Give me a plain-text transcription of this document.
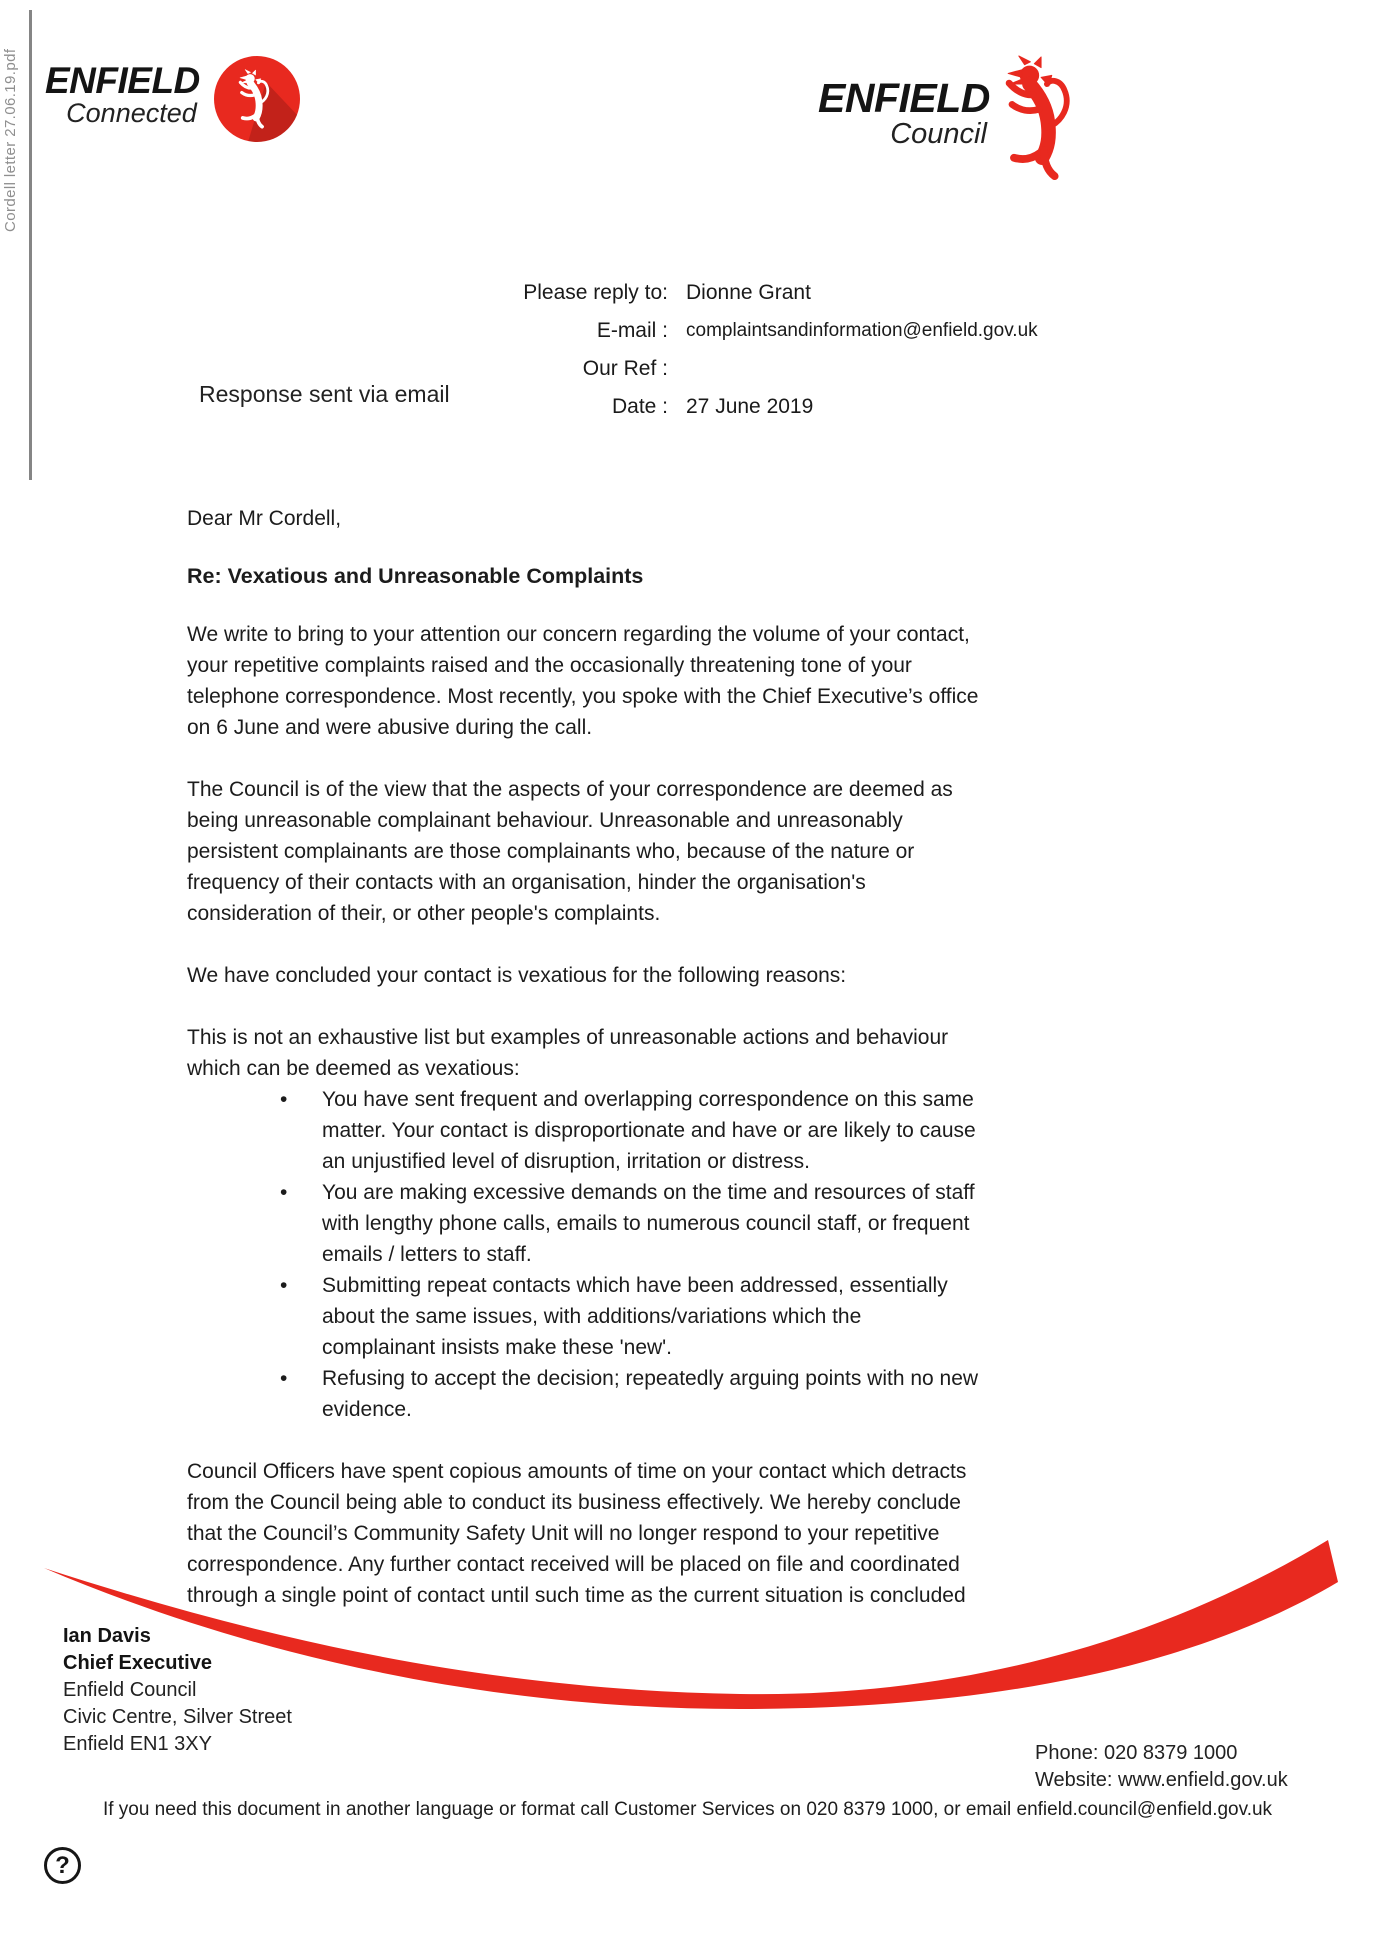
Cordell letter 27.06.19.pdf ENFIELD
Connected	ENFIELD
Council
Please reply to: Dionne Grant
E-mail : complaintsandinformation@enfield.gov.uk
Our Ref :
Date : 27 June 2019
Response sent via email
Dear Mr Cordell,
Re: Vexatious and Unreasonable Complaints

We write to bring to your attention our concern regarding the volume of your contact, your repetitive complaints raised and the occasionally threatening tone of your telephone correspondence. Most recently, you spoke with the Chief Executive’s office on 6 June and were abusive during the call.

The Council is of the view that the aspects of your correspondence are deemed as being unreasonable complainant behaviour. Unreasonable and unreasonably persistent complainants are those complainants who, because of the nature or frequency of their contacts with an organisation, hinder the organisation's consideration of their, or other people's complaints.

We have concluded your contact is vexatious for the following reasons:

This is not an exhaustive list but examples of unreasonable actions and behaviour which can be deemed as vexatious:

• You have sent frequent and overlapping correspondence on this same matter. Your contact is disproportionate and have or are likely to cause an unjustified level of disruption, irritation or distress.
• You are making excessive demands on the time and resources of staff with lengthy phone calls, emails to numerous council staff, or frequent emails / letters to staff.
• Submitting repeat contacts which have been addressed, essentially about the same issues, with additions/variations which the complainant insists make these 'new'.
• Refusing to accept the decision; repeatedly arguing points with no new evidence.

Council Officers have spent copious amounts of time on your contact which detracts from the Council being able to conduct its business effectively. We hereby conclude that the Council’s Community Safety Unit will no longer respond to your repetitive correspondence. Any further contact received will be placed on file and coordinated through a single point of contact until such time as the current situation is concluded

Ian Davis
Chief Executive
Enfield Council
Civic Centre, Silver Street
Enfield EN1 3XY	Phone: 020 8379 1000
Website: www.enfield.gov.uk
If you need this document in another language or format call Customer Services on 020 8379 1000, or email enfield.council@enfield.gov.uk
?
